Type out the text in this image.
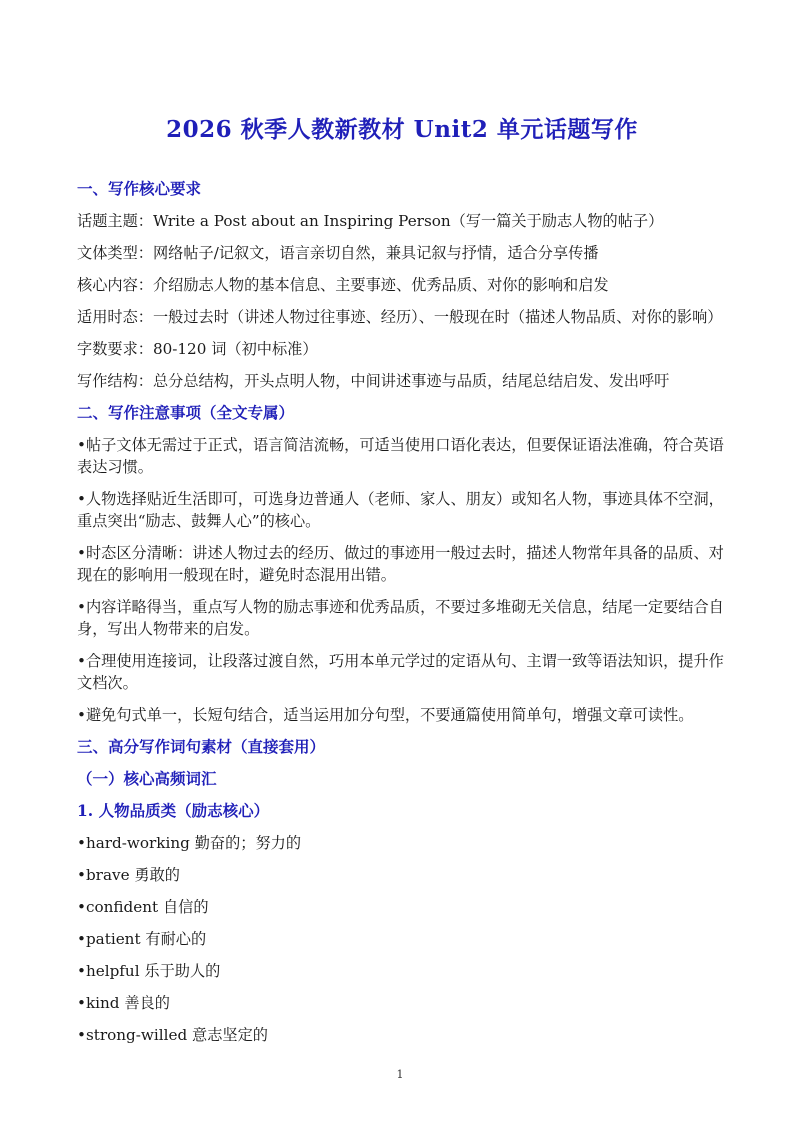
2026 秋季人教新教材 Unit2 单元话题写作
一、写作核心要求
话题主题：Write a Post about an Inspiring Person（写一篇关于励志人物的帖子）
文体类型：网络帖子/记叙文，语言亲切自然，兼具记叙与抒情，适合分享传播
核心内容：介绍励志人物的基本信息、主要事迹、优秀品质、对你的影响和启发
适用时态：一般过去时（讲述人物过往事迹、经历）、一般现在时（描述人物品质、对你的影响）
字数要求：80-120 词（初中标准）
写作结构：总分总结构，开头点明人物，中间讲述事迹与品质，结尾总结启发、发出呼吁
二、写作注意事项（全文专属）
•帖子文体无需过于正式，语言简洁流畅，可适当使用口语化表达，但要保证语法准确，符合英语表达习惯。
•人物选择贴近生活即可，可选身边普通人（老师、家人、朋友）或知名人物，事迹具体不空洞，重点突出“励志、鼓舞人心”的核心。
•时态区分清晰：讲述人物过去的经历、做过的事迹用一般过去时，描述人物常年具备的品质、对现在的影响用一般现在时，避免时态混用出错。
•内容详略得当，重点写人物的励志事迹和优秀品质，不要过多堆砌无关信息，结尾一定要结合自身，写出人物带来的启发。
•合理使用连接词，让段落过渡自然，巧用本单元学过的定语从句、主谓一致等语法知识，提升作文档次。
•避免句式单一，长短句结合，适当运用加分句型，不要通篇使用简单句，增强文章可读性。
三、高分写作词句素材（直接套用）
（一）核心高频词汇
1. 人物品质类（励志核心）
•hard-working 勤奋的；努力的
•brave 勇敢的
•confident 自信的
•patient 有耐心的
•helpful 乐于助人的
•kind 善良的
•strong-willed 意志坚定的
1
